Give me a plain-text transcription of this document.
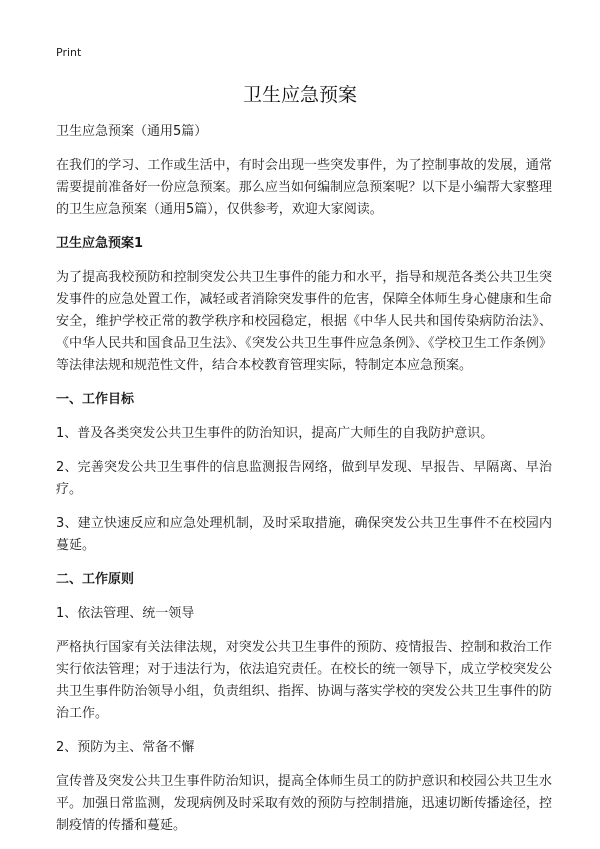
Print
卫生应急预案

卫生应急预案（通用5篇）

在我们的学习、工作或生活中，有时会出现一些突发事件，为了控制事故的发展，通常需要提前准备好一份应急预案。那么应当如何编制应急预案呢？以下是小编帮大家整理的卫生应急预案（通用5篇），仅供参考，欢迎大家阅读。

卫生应急预案1

为了提高我校预防和控制突发公共卫生事件的能力和水平，指导和规范各类公共卫生突发事件的应急处置工作，减轻或者消除突发事件的危害，保障全体师生身心健康和生命安全，维护学校正常的教学秩序和校园稳定，根据《中华人民共和国传染病防治法》、《中华人民共和国食品卫生法》、《突发公共卫生事件应急条例》、《学校卫生工作条例》等法律法规和规范性文件，结合本校教育管理实际，特制定本应急预案。

一、工作目标

1、普及各类突发公共卫生事件的防治知识，提高广大师生的自我防护意识。

2、完善突发公共卫生事件的信息监测报告网络，做到早发现、早报告、早隔离、早治疗。

3、建立快速反应和应急处理机制，及时采取措施，确保突发公共卫生事件不在校园内蔓延。

二、工作原则

1、依法管理、统一领导

严格执行国家有关法律法规，对突发公共卫生事件的预防、疫情报告、控制和救治工作实行依法管理；对于违法行为，依法追究责任。在校长的统一领导下，成立学校突发公共卫生事件防治领导小组，负责组织、指挥、协调与落实学校的突发公共卫生事件的防治工作。

2、预防为主、常备不懈

宣传普及突发公共卫生事件防治知识，提高全体师生员工的防护意识和校园公共卫生水平。加强日常监测，发现病例及时采取有效的预防与控制措施，迅速切断传播途径，控制疫情的传播和蔓延。
